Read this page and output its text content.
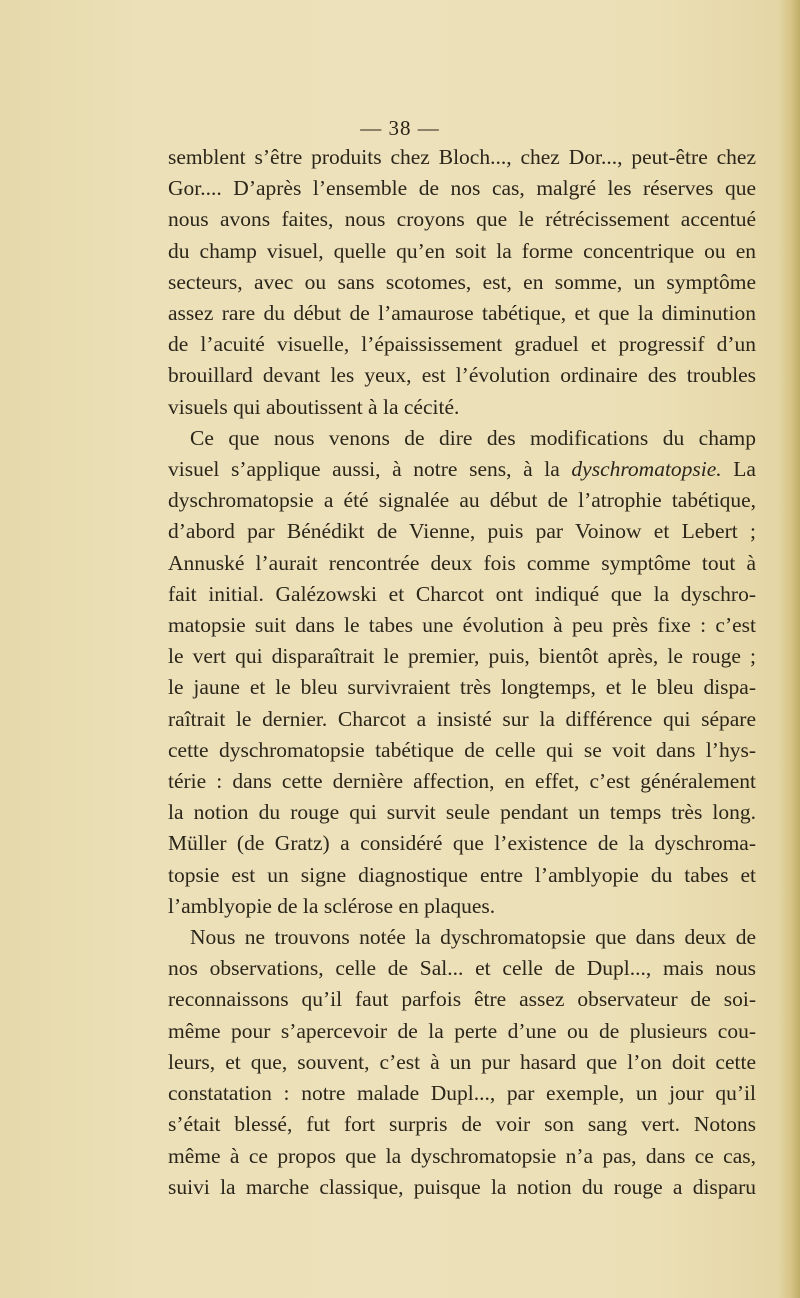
— 38 —
semblent s’être produits chez Bloch..., chez Dor..., peut-être chez
Gor.... D’après l’ensemble de nos cas, malgré les réserves que
nous avons faites, nous croyons que le rétrécissement accentué
du champ visuel, quelle qu’en soit la forme concentrique ou en
secteurs, avec ou sans scotomes, est, en somme, un symptôme
assez rare du début de l’amaurose tabétique, et que la diminution
de l’acuité visuelle, l’épaississement graduel et progressif d’un
brouillard devant les yeux, est l’évolution ordinaire des troubles
visuels qui aboutissent à la cécité.
Ce que nous venons de dire des modifications du champ
visuel s’applique aussi, à notre sens, à la dyschromatopsie. La
dyschromatopsie a été signalée au début de l’atrophie tabétique,
d’abord par Bénédikt de Vienne, puis par Voinow et Lebert ;
Annuské l’aurait rencontrée deux fois comme symptôme tout à
fait initial. Galézowski et Charcot ont indiqué que la dyschro-
matopsie suit dans le tabes une évolution à peu près fixe : c’est
le vert qui disparaîtrait le premier, puis, bientôt après, le rouge ;
le jaune et le bleu survivraient très longtemps, et le bleu dispa-
raîtrait le dernier. Charcot a insisté sur la différence qui sépare
cette dyschromatopsie tabétique de celle qui se voit dans l’hys-
térie : dans cette dernière affection, en effet, c’est généralement
la notion du rouge qui survit seule pendant un temps très long.
Müller (de Gratz) a considéré que l’existence de la dyschroma-
topsie est un signe diagnostique entre l’amblyopie du tabes et
l’amblyopie de la sclérose en plaques.
Nous ne trouvons notée la dyschromatopsie que dans deux de
nos observations, celle de Sal... et celle de Dupl..., mais nous
reconnaissons qu’il faut parfois être assez observateur de soi-
même pour s’apercevoir de la perte d’une ou de plusieurs cou-
leurs, et que, souvent, c’est à un pur hasard que l’on doit cette
constatation : notre malade Dupl..., par exemple, un jour qu’il
s’était blessé, fut fort surpris de voir son sang vert. Notons
même à ce propos que la dyschromatopsie n’a pas, dans ce cas,
suivi la marche classique, puisque la notion du rouge a disparu
